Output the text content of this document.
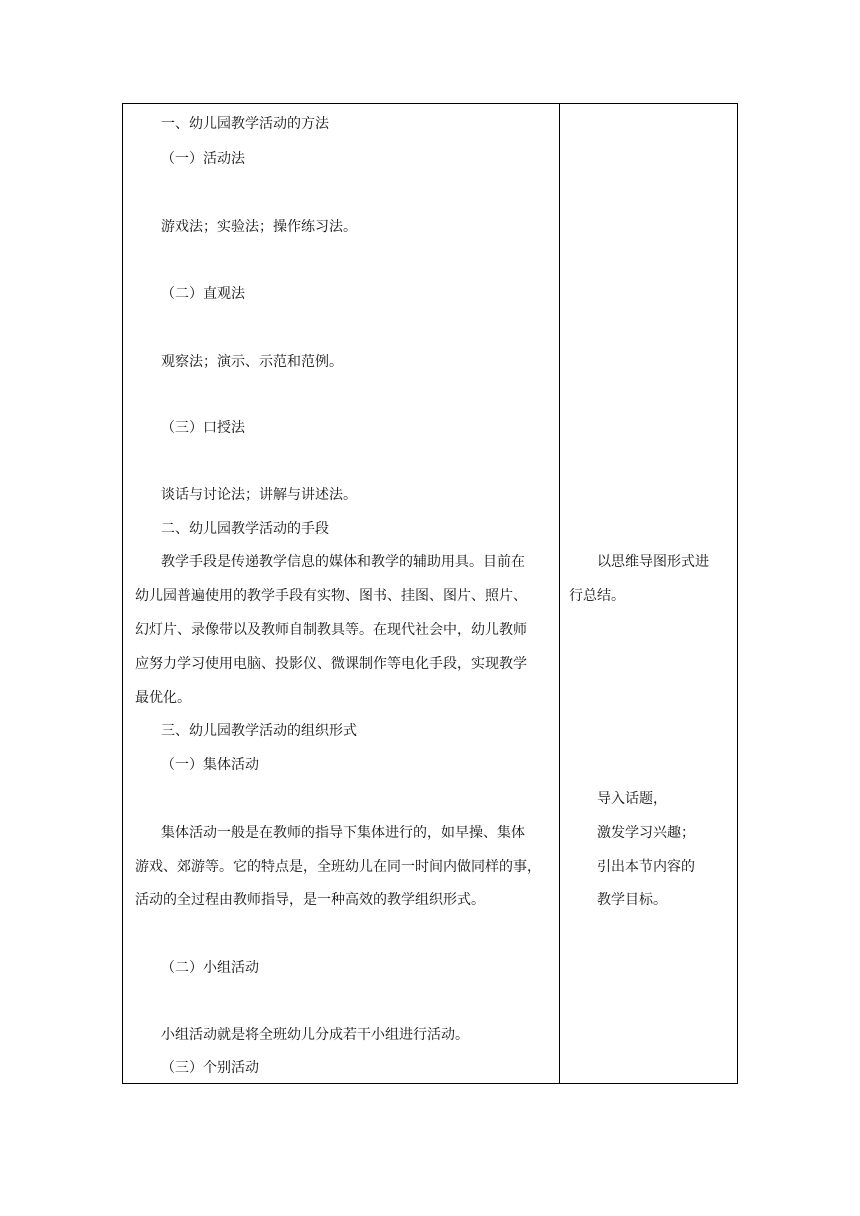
一、幼儿园教学活动的方法
（一）活动法
游戏法；实验法；操作练习法。
（二）直观法
观察法；演示、示范和范例。
（三）口授法
谈话与讨论法；讲解与讲述法。
二、幼儿园教学活动的手段
教学手段是传递教学信息的媒体和教学的辅助用具。目前在
幼儿园普遍使用的教学手段有实物、图书、挂图、图片、照片、
幻灯片、录像带以及教师自制教具等。在现代社会中，幼儿教师
应努力学习使用电脑、投影仪、微课制作等电化手段，实现教学
最优化。
三、幼儿园教学活动的组织形式
（一）集体活动
集体活动一般是在教师的指导下集体进行的，如早操、集体
游戏、郊游等。它的特点是，全班幼儿在同一时间内做同样的事，
活动的全过程由教师指导，是一种高效的教学组织形式。
（二）小组活动
小组活动就是将全班幼儿分成若干小组进行活动。
（三）个别活动
以思维导图形式进
行总结。
导入话题，
激发学习兴趣；
引出本节内容的
教学目标。
